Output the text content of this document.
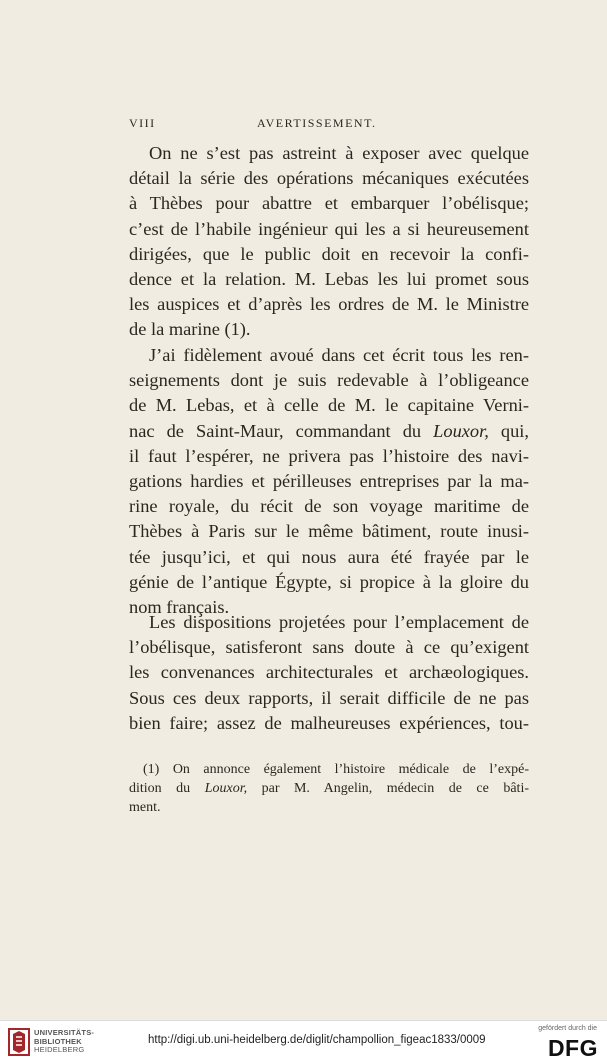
VIII	AVERTISSEMENT.
On ne s’est pas astreint à exposer avec quelque
détail la série des opérations mécaniques exécutées
à Thèbes pour abattre et embarquer l’obélisque;
c’est de l’habile ingénieur qui les a si heureusement
dirigées, que le public doit en recevoir la confi-
dence et la relation. M. Lebas les lui promet sous
les auspices et d’après les ordres de M. le Ministre
de la marine (1).
J’ai fidèlement avoué dans cet écrit tous les ren-
seignements dont je suis redevable à l’obligeance
de M. Lebas, et à celle de M. le capitaine Verni-
nac de Saint-Maur, commandant du Louxor, qui,
il faut l’espérer, ne privera pas l’histoire des navi-
gations hardies et périlleuses entreprises par la ma-
rine royale, du récit de son voyage maritime de
Thèbes à Paris sur le même bâtiment, route inusi-
tée jusqu’ici, et qui nous aura été frayée par le
génie de l’antique Égypte, si propice à la gloire du
nom français.
Les dispositions projetées pour l’emplacement de
l’obélisque, satisferont sans doute à ce qu’exigent
les convenances architecturales et archæologiques.
Sous ces deux rapports, il serait difficile de ne pas
bien faire; assez de malheureuses expériences, tou-
(1) On annonce également l’histoire médicale de l’expé-
dition du Louxor, par M. Angelin, médecin de ce bâti-
ment.
UNIVERSITÄTS-
BIBLIOTHEK
HEIDELBERG
http://digi.ub.uni-heidelberg.de/diglit/champollion_figeac1833/0009
gefördert durch die
DFG
